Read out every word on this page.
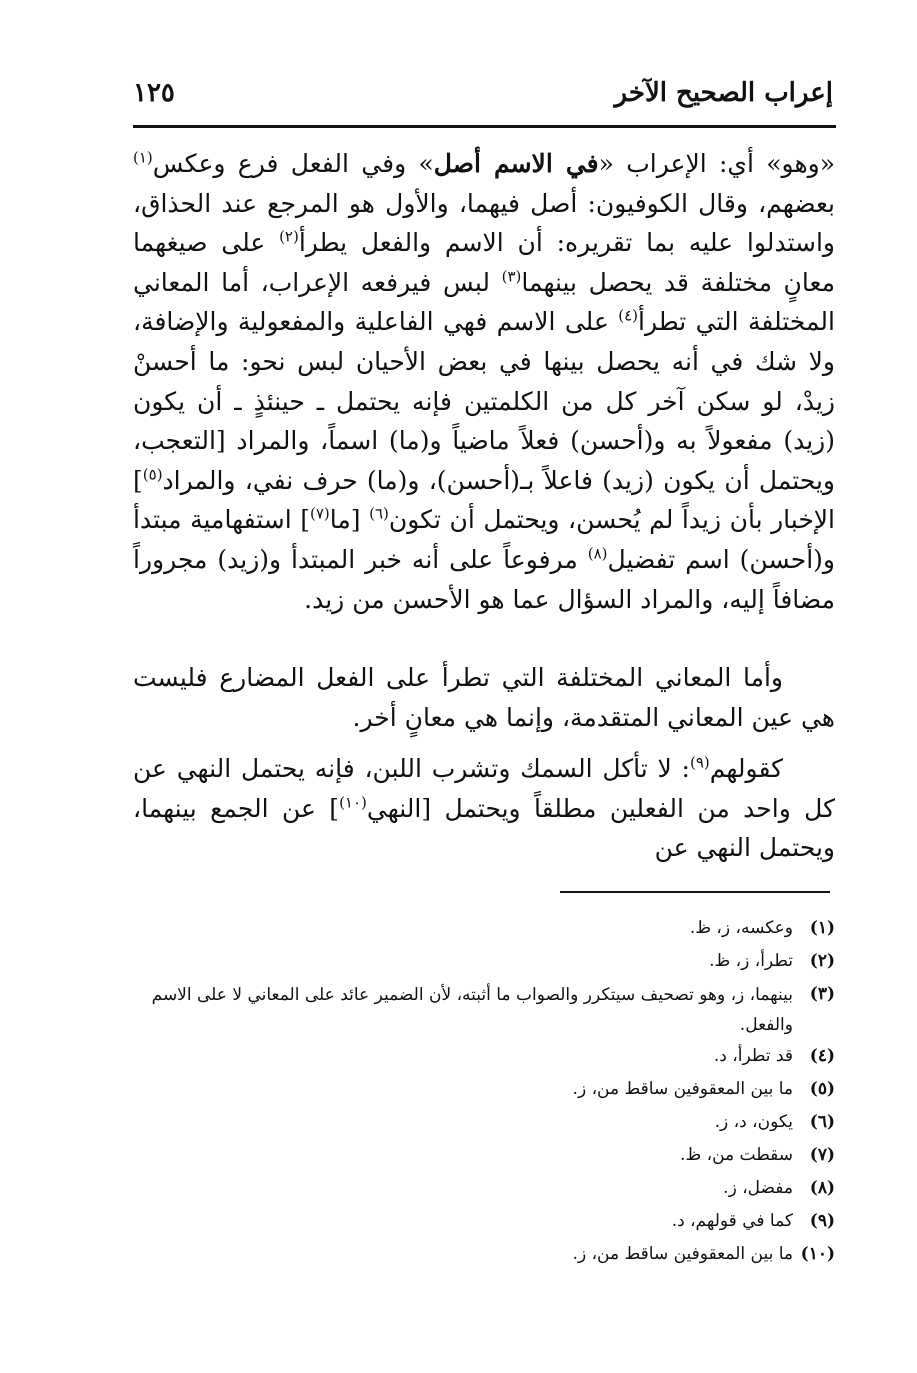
إعراب الصحيح الآخر
١٢٥

«وهو» أي: الإعراب «في الاسم أصل» وفي الفعل فرع وعكس$^{(١)}$ بعضهم، وقال الكوفيون: أصل فيهما، والأول هو المرجع عند الحذاق، واستدلوا عليه بما تقريره: أن الاسم والفعل يطرأ$^{(٢)}$ على صيغهما معانٍ مختلفة قد يحصل بينهما$^{(٣)}$ لبس فيرفعه الإعراب، أما المعاني المختلفة التي تطرأ$^{(٤)}$ على الاسم فهي الفاعلية والمفعولية والإضافة، ولا شك في أنه يحصل بينها في بعض الأحيان لبس نحو: ما أحسنْ زيدْ، لو سكن آخر كل من الكلمتين فإنه يحتمل ـ حينئذٍ ـ أن يكون (زيد) مفعولاً به و(أحسن) فعلاً ماضياً و(ما) اسماً، والمراد [التعجب، ويحتمل أن يكون (زيد) فاعلاً بـ(أحسن)، و(ما) حرف نفي، والمراد$^{(٥)}$] الإخبار بأن زيداً لم يُحسن، ويحتمل أن تكون$^{(٦)}$ [ما$^{(٧)}$] استفهامية مبتدأ و(أحسن) اسم تفضيل$^{(٨)}$ مرفوعاً على أنه خبر المبتدأ و(زيد) مجروراً مضافاً إليه، والمراد السؤال عما هو الأحسن من زيد.

وأما المعاني المختلفة التي تطرأ على الفعل المضارع فليست هي عين المعاني المتقدمة، وإنما هي معانٍ أخر.

كقولهم$^{(٩)}$: لا تأكل السمك وتشرب اللبن، فإنه يحتمل النهي عن كل واحد من الفعلين مطلقاً ويحتمل [النهي$^{(١٠)}$] عن الجمع بينهما، ويحتمل النهي عن

(١)
وعكسه، ز، ظ.
(٢)
تطرأ، ز، ظ.
(٣)
بينهما، ز، وهو تصحيف سيتكرر والصواب ما أثبته، لأن الضمير عائد على المعاني لا على الاسم والفعل.
(٤)
قد تطرأ، د.
(٥)
ما بين المعقوفين ساقط من، ز.
(٦)
يكون، د، ز.
(٧)
سقطت من، ظ.
(٨)
مفضل، ز.
(٩)
كما في قولهم، د.
(١٠)
ما بين المعقوفين ساقط من، ز.
